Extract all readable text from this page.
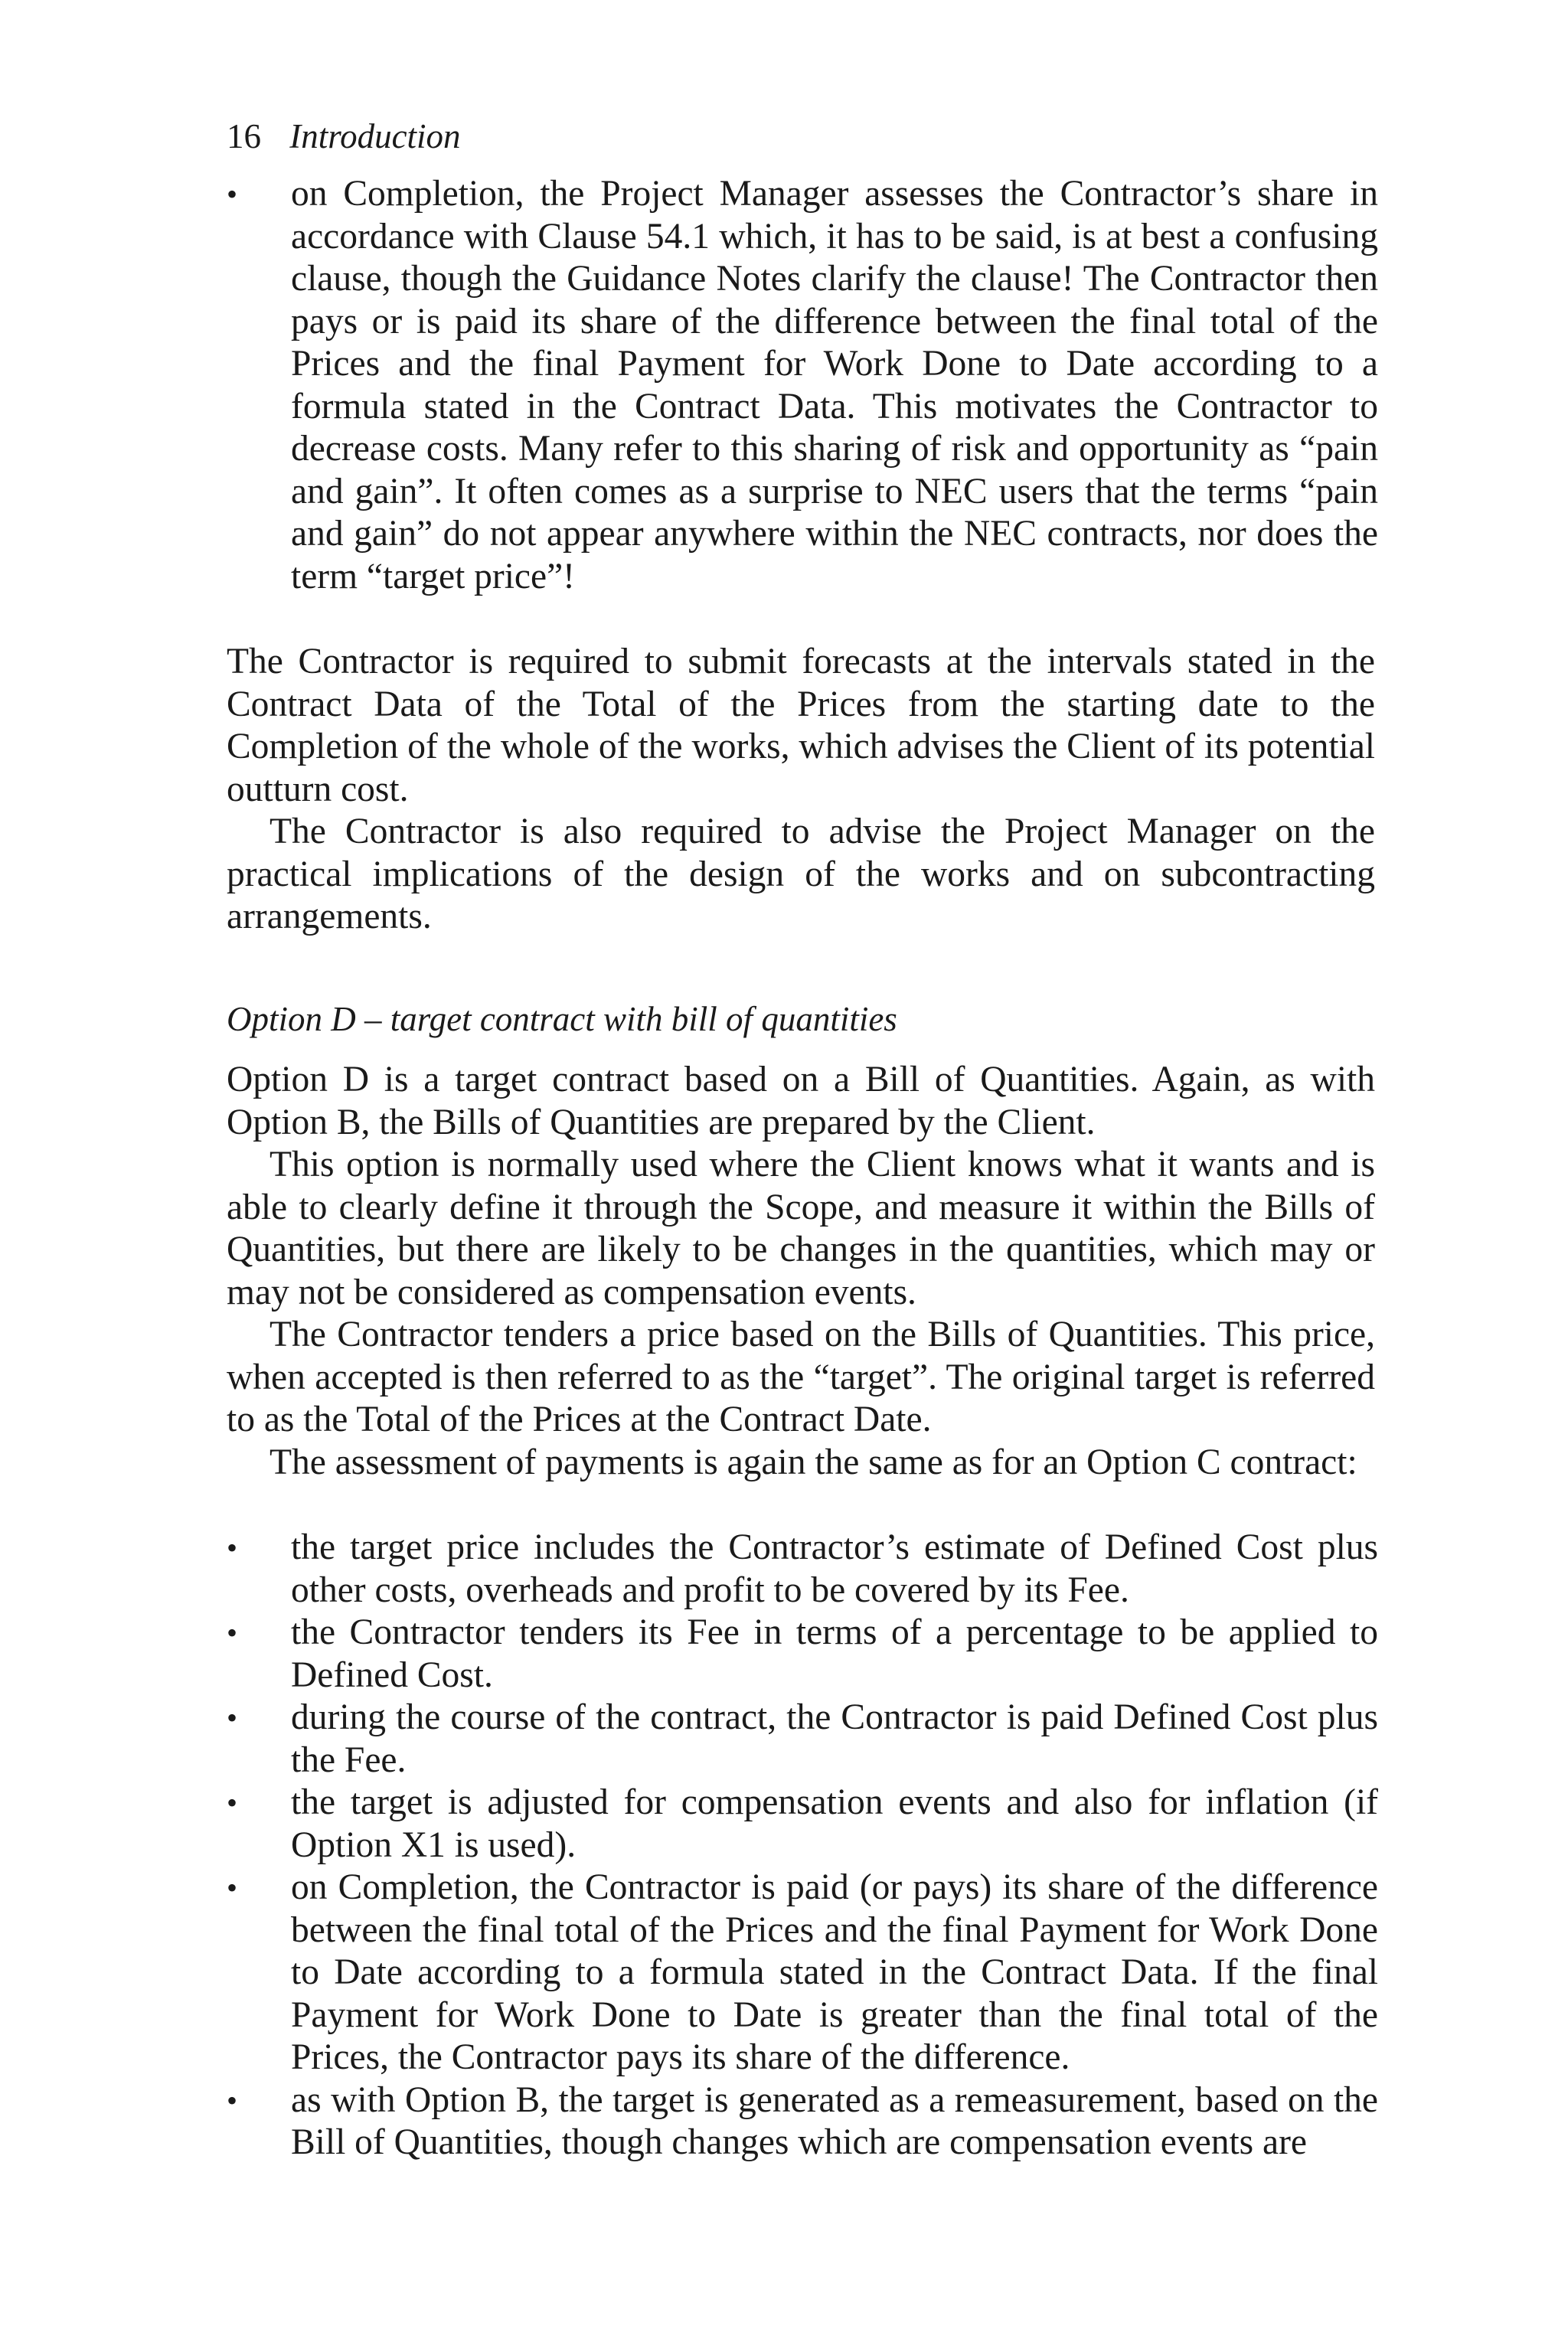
16 Introduction
•	on Completion, the Project Manager assesses the Contractor’s share in accordance with Clause 54.1 which, it has to be said, is at best a confusing clause, though the Guidance Notes clarify the clause! The Contractor then pays or is paid its share of the difference between the final total of the Prices and the final Payment for Work Done to Date according to a formula stated in the Contract Data. This motivates the Contractor to decrease costs. Many refer to this sharing of risk and opportunity as “pain and gain”. It often comes as a surprise to NEC users that the terms “pain and gain” do not appear anywhere within the NEC contracts, nor does the term “target price”!

The Contractor is required to submit forecasts at the intervals stated in the Contract Data of the Total of the Prices from the starting date to the Completion of the whole of the works, which advises the Client of its potential outturn cost.

The Contractor is also required to advise the Project Manager on the practical implications of the design of the works and on subcontracting arrangements.

Option D – target contract with bill of quantities

Option D is a target contract based on a Bill of Quantities. Again, as with Option B, the Bills of Quantities are prepared by the Client.

This option is normally used where the Client knows what it wants and is able to clearly define it through the Scope, and measure it within the Bills of Quantities, but there are likely to be changes in the quantities, which may or may not be considered as compensation events.

The Contractor tenders a price based on the Bills of Quantities. This price, when accepted is then referred to as the “target”. The original target is referred to as the Total of the Prices at the Contract Date.

The assessment of payments is again the same as for an Option C contract:

•	the target price includes the Contractor’s estimate of Defined Cost plus other costs, overheads and profit to be covered by its Fee.
•	the Contractor tenders its Fee in terms of a percentage to be applied to Defined Cost.
•	during the course of the contract, the Contractor is paid Defined Cost plus the Fee.
•	the target is adjusted for compensation events and also for inflation (if Option X1 is used).
•	on Completion, the Contractor is paid (or pays) its share of the difference between the final total of the Prices and the final Payment for Work Done to Date according to a formula stated in the Contract Data. If the final Payment for Work Done to Date is greater than the final total of the Prices, the Contractor pays its share of the difference.
•	as with Option B, the target is generated as a remeasurement, based on the Bill of Quantities, though changes which are compensation events are
